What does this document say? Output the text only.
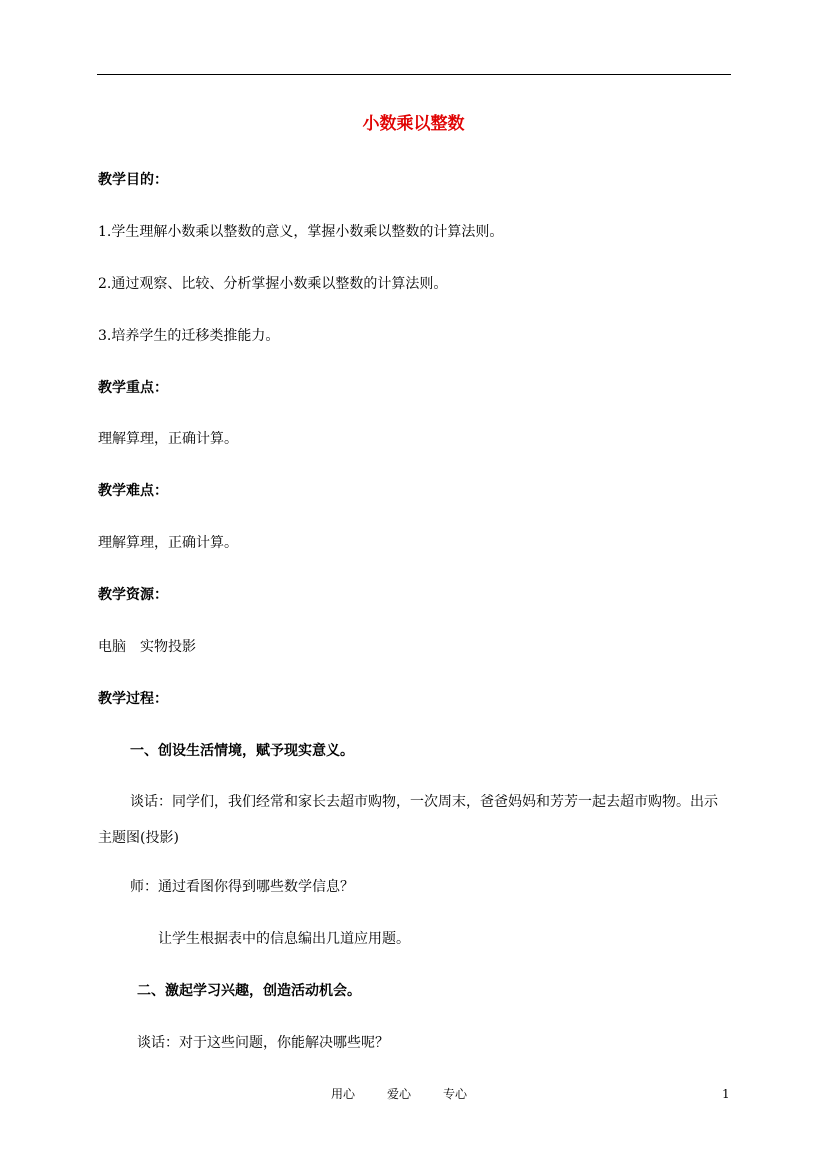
小数乘以整数
教学目的：
1.学生理解小数乘以整数的意义，掌握小数乘以整数的计算法则。
2.通过观察、比较、分析掌握小数乘以整数的计算法则。
3.培养学生的迁移类推能力。
教学重点：
理解算理，正确计算。
教学难点：
理解算理，正确计算。
教学资源：
电脑　实物投影
教学过程：
一、创设生活情境，赋予现实意义。
谈话：同学们，我们经常和家长去超市购物，一次周末，爸爸妈妈和芳芳一起去超市购物。出示主题图(投影)
师：通过看图你得到哪些数学信息？
让学生根据表中的信息编出几道应用题。
二、激起学习兴趣，创造活动机会。
谈话：对于这些问题，你能解决哪些呢？
用心	爱心	专心	1
